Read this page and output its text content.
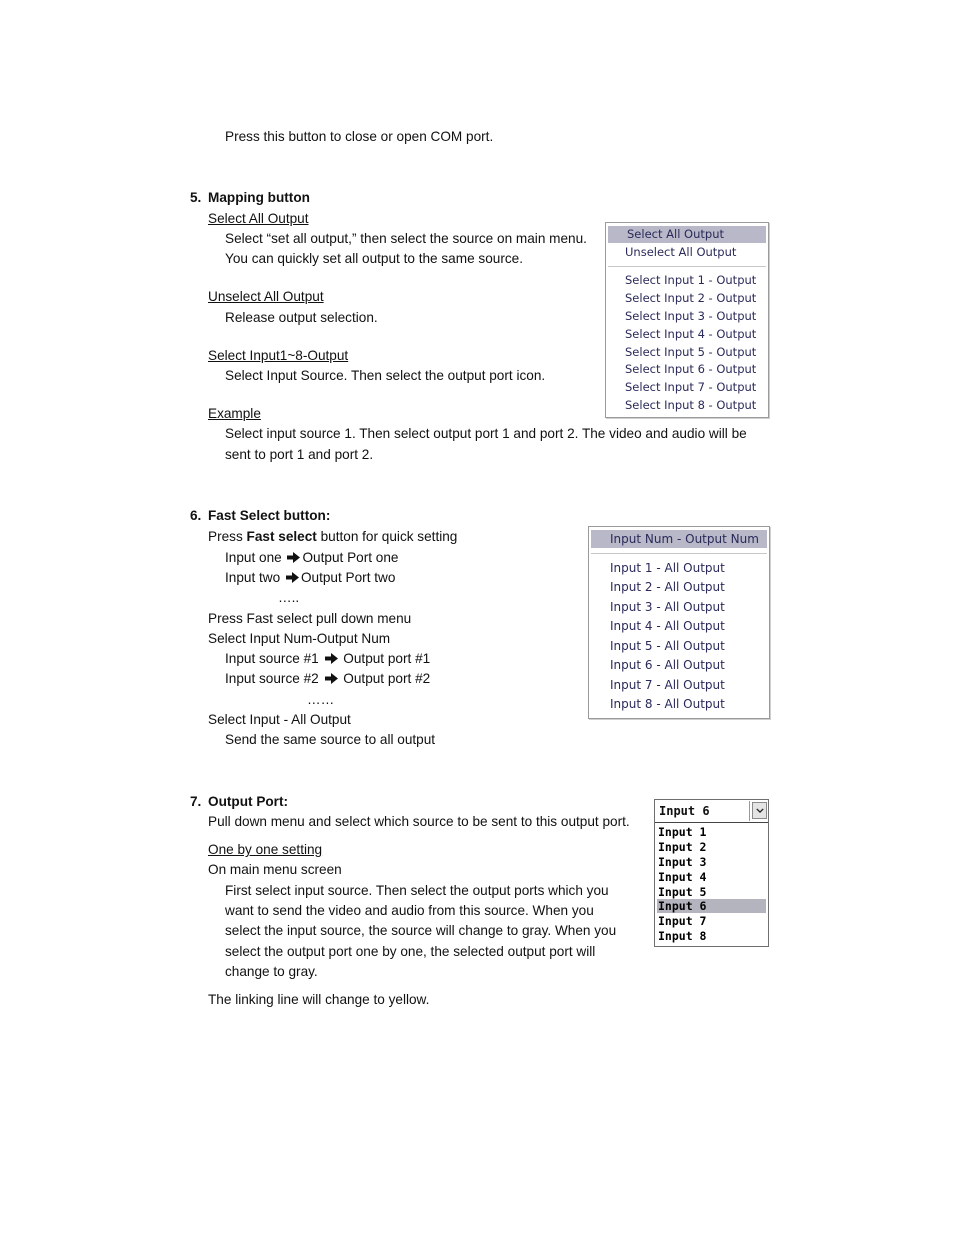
Press this button to close or open COM port.
5. Mapping button
Select All Output
Select “set all output,” then select the source on main menu.
You can quickly set all output to the same source.
Unselect All Output
Release output selection.
Select Input1~8-Output
Select Input Source. Then select the output port icon.
Example
Select input source 1. Then select output port 1 and port 2. The video and audio will be
sent to port 1 and port 2.
Select All Output
Unselect All Output
Select Input 1 - Output
Select Input 2 - Output
Select Input 3 - Output
Select Input 4 - Output
Select Input 5 - Output
Select Input 6 - Output
Select Input 7 - Output
Select Input 8 - Output
6. Fast Select button:
Press Fast select button for quick setting
Input one Output Port one
Input two Output Port two
…..
Press Fast select pull down menu
Select Input Num-Output Num
Input source #1 Output port #1
Input source #2 Output port #2
……
Select Input - All Output
Send the same source to all output
Input Num - Output Num
Input 1 - All Output
Input 2 - All Output
Input 3 - All Output
Input 4 - All Output
Input 5 - All Output
Input 6 - All Output
Input 7 - All Output
Input 8 - All Output
7. Output Port:
Pull down menu and select which source to be sent to this output port.
One by one setting
On main menu screen
First select input source. Then select the output ports which you
want to send the video and audio from this source. When you
select the input source, the source will change to gray. When you
select the output port one by one, the selected output port will
change to gray.
The linking line will change to yellow.
Input 6
Input 1
Input 2
Input 3
Input 4
Input 5
Input 6
Input 7
Input 8
